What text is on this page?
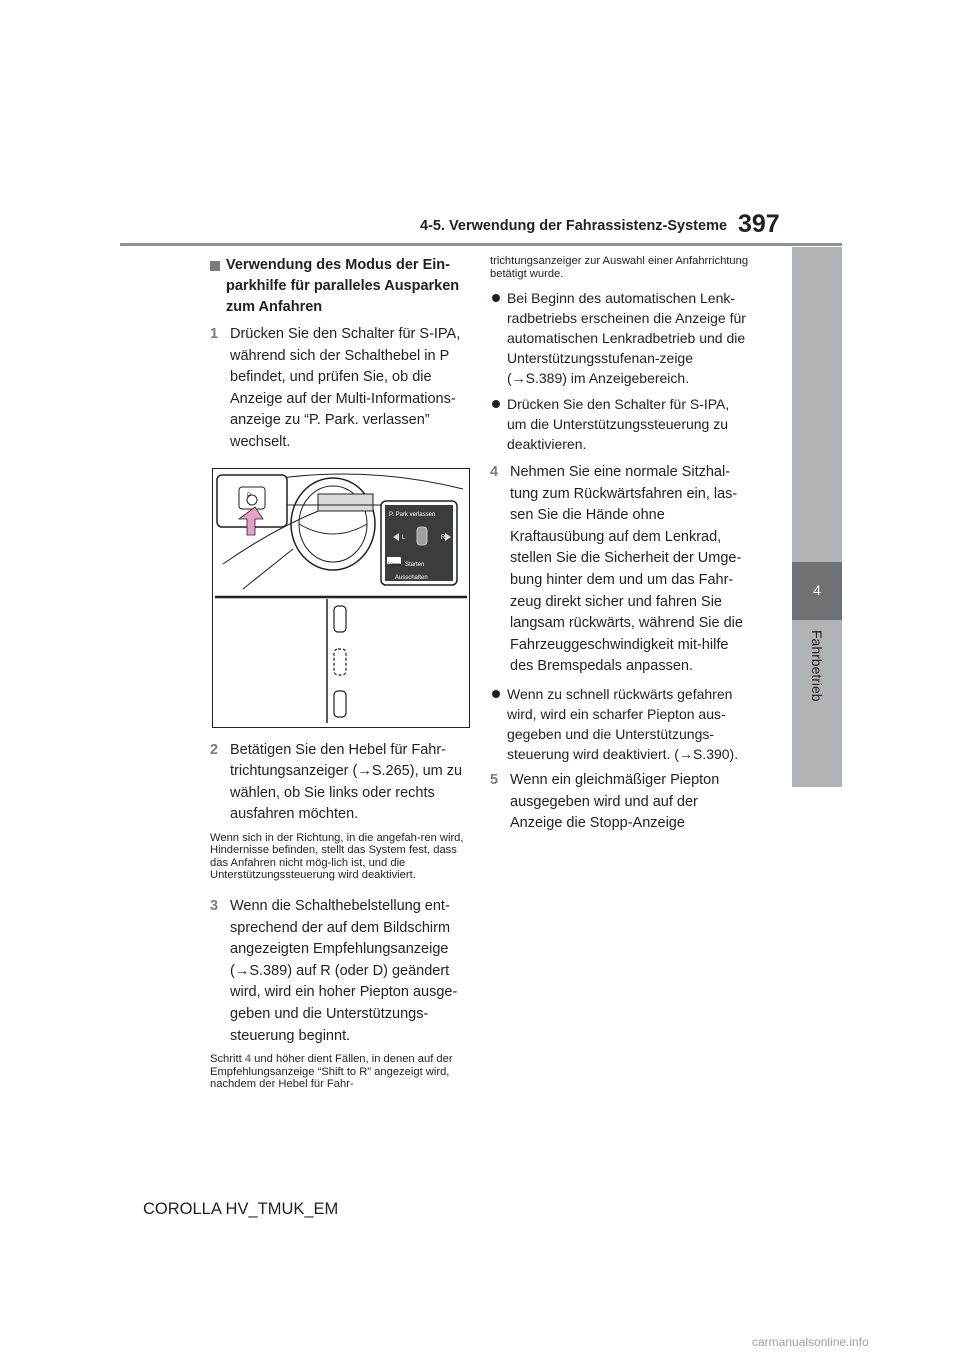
4-5. Verwendung der Fahrassistenz-Systeme 397
4
Fahrbetrieb
Verwendung des Modus der Ein-parkhilfe für paralleles Ausparken zum Anfahren
1 Drücken Sie den Schalter für S-IPA, während sich der Schalthebel in P befindet, und prüfen Sie, ob die Anzeige auf der Multi-Informations-anzeige zu “P. Park. verlassen” wechselt.
P. Park verlassen
L	R
Vorw. Starten
Ausschalten
P
2 Betätigen Sie den Hebel für Fahr-trichtungsanzeiger (→S.265), um zu wählen, ob Sie links oder rechts ausfahren möchten.
Wenn sich in der Richtung, in die angefah-ren wird, Hindernisse befinden, stellt das System fest, dass das Anfahren nicht mög-lich ist, und die Unterstützungssteuerung wird deaktiviert.
3 Wenn die Schalthebelstellung ent-sprechend der auf dem Bildschirm angezeigten Empfehlungsanzeige (→S.389) auf R (oder D) geändert wird, wird ein hoher Piepton ausge-geben und die Unterstützungs-steuerung beginnt.
Schritt 4 und höher dient Fällen, in denen auf der Empfehlungsanzeige “Shift to R” angezeigt wird, nachdem der Hebel für Fahr-
trichtungsanzeiger zur Auswahl einer Anfahrrichtung betätigt wurde.
Bei Beginn des automatischen Lenk-radbetriebs erscheinen die Anzeige für automatischen Lenkradbetrieb und die Unterstützungsstufenan-zeige (→S.389) im Anzeigebereich.
Drücken Sie den Schalter für S-IPA, um die Unterstützungssteuerung zu deaktivieren.
4 Nehmen Sie eine normale Sitzhal-tung zum Rückwärtsfahren ein, las-sen Sie die Hände ohne Kraftausübung auf dem Lenkrad, stellen Sie die Sicherheit der Umge-bung hinter dem und um das Fahr-zeug direkt sicher und fahren Sie langsam rückwärts, während Sie die Fahrzeuggeschwindigkeit mit-hilfe des Bremspedals anpassen.
Wenn zu schnell rückwärts gefahren wird, wird ein scharfer Piepton aus-gegeben und die Unterstützungs-steuerung wird deaktiviert. (→S.390).
5 Wenn ein gleichmäßiger Piepton ausgegeben wird und auf der Anzeige die Stopp-Anzeige
COROLLA HV_TMUK_EM
carmanualsonline.info
